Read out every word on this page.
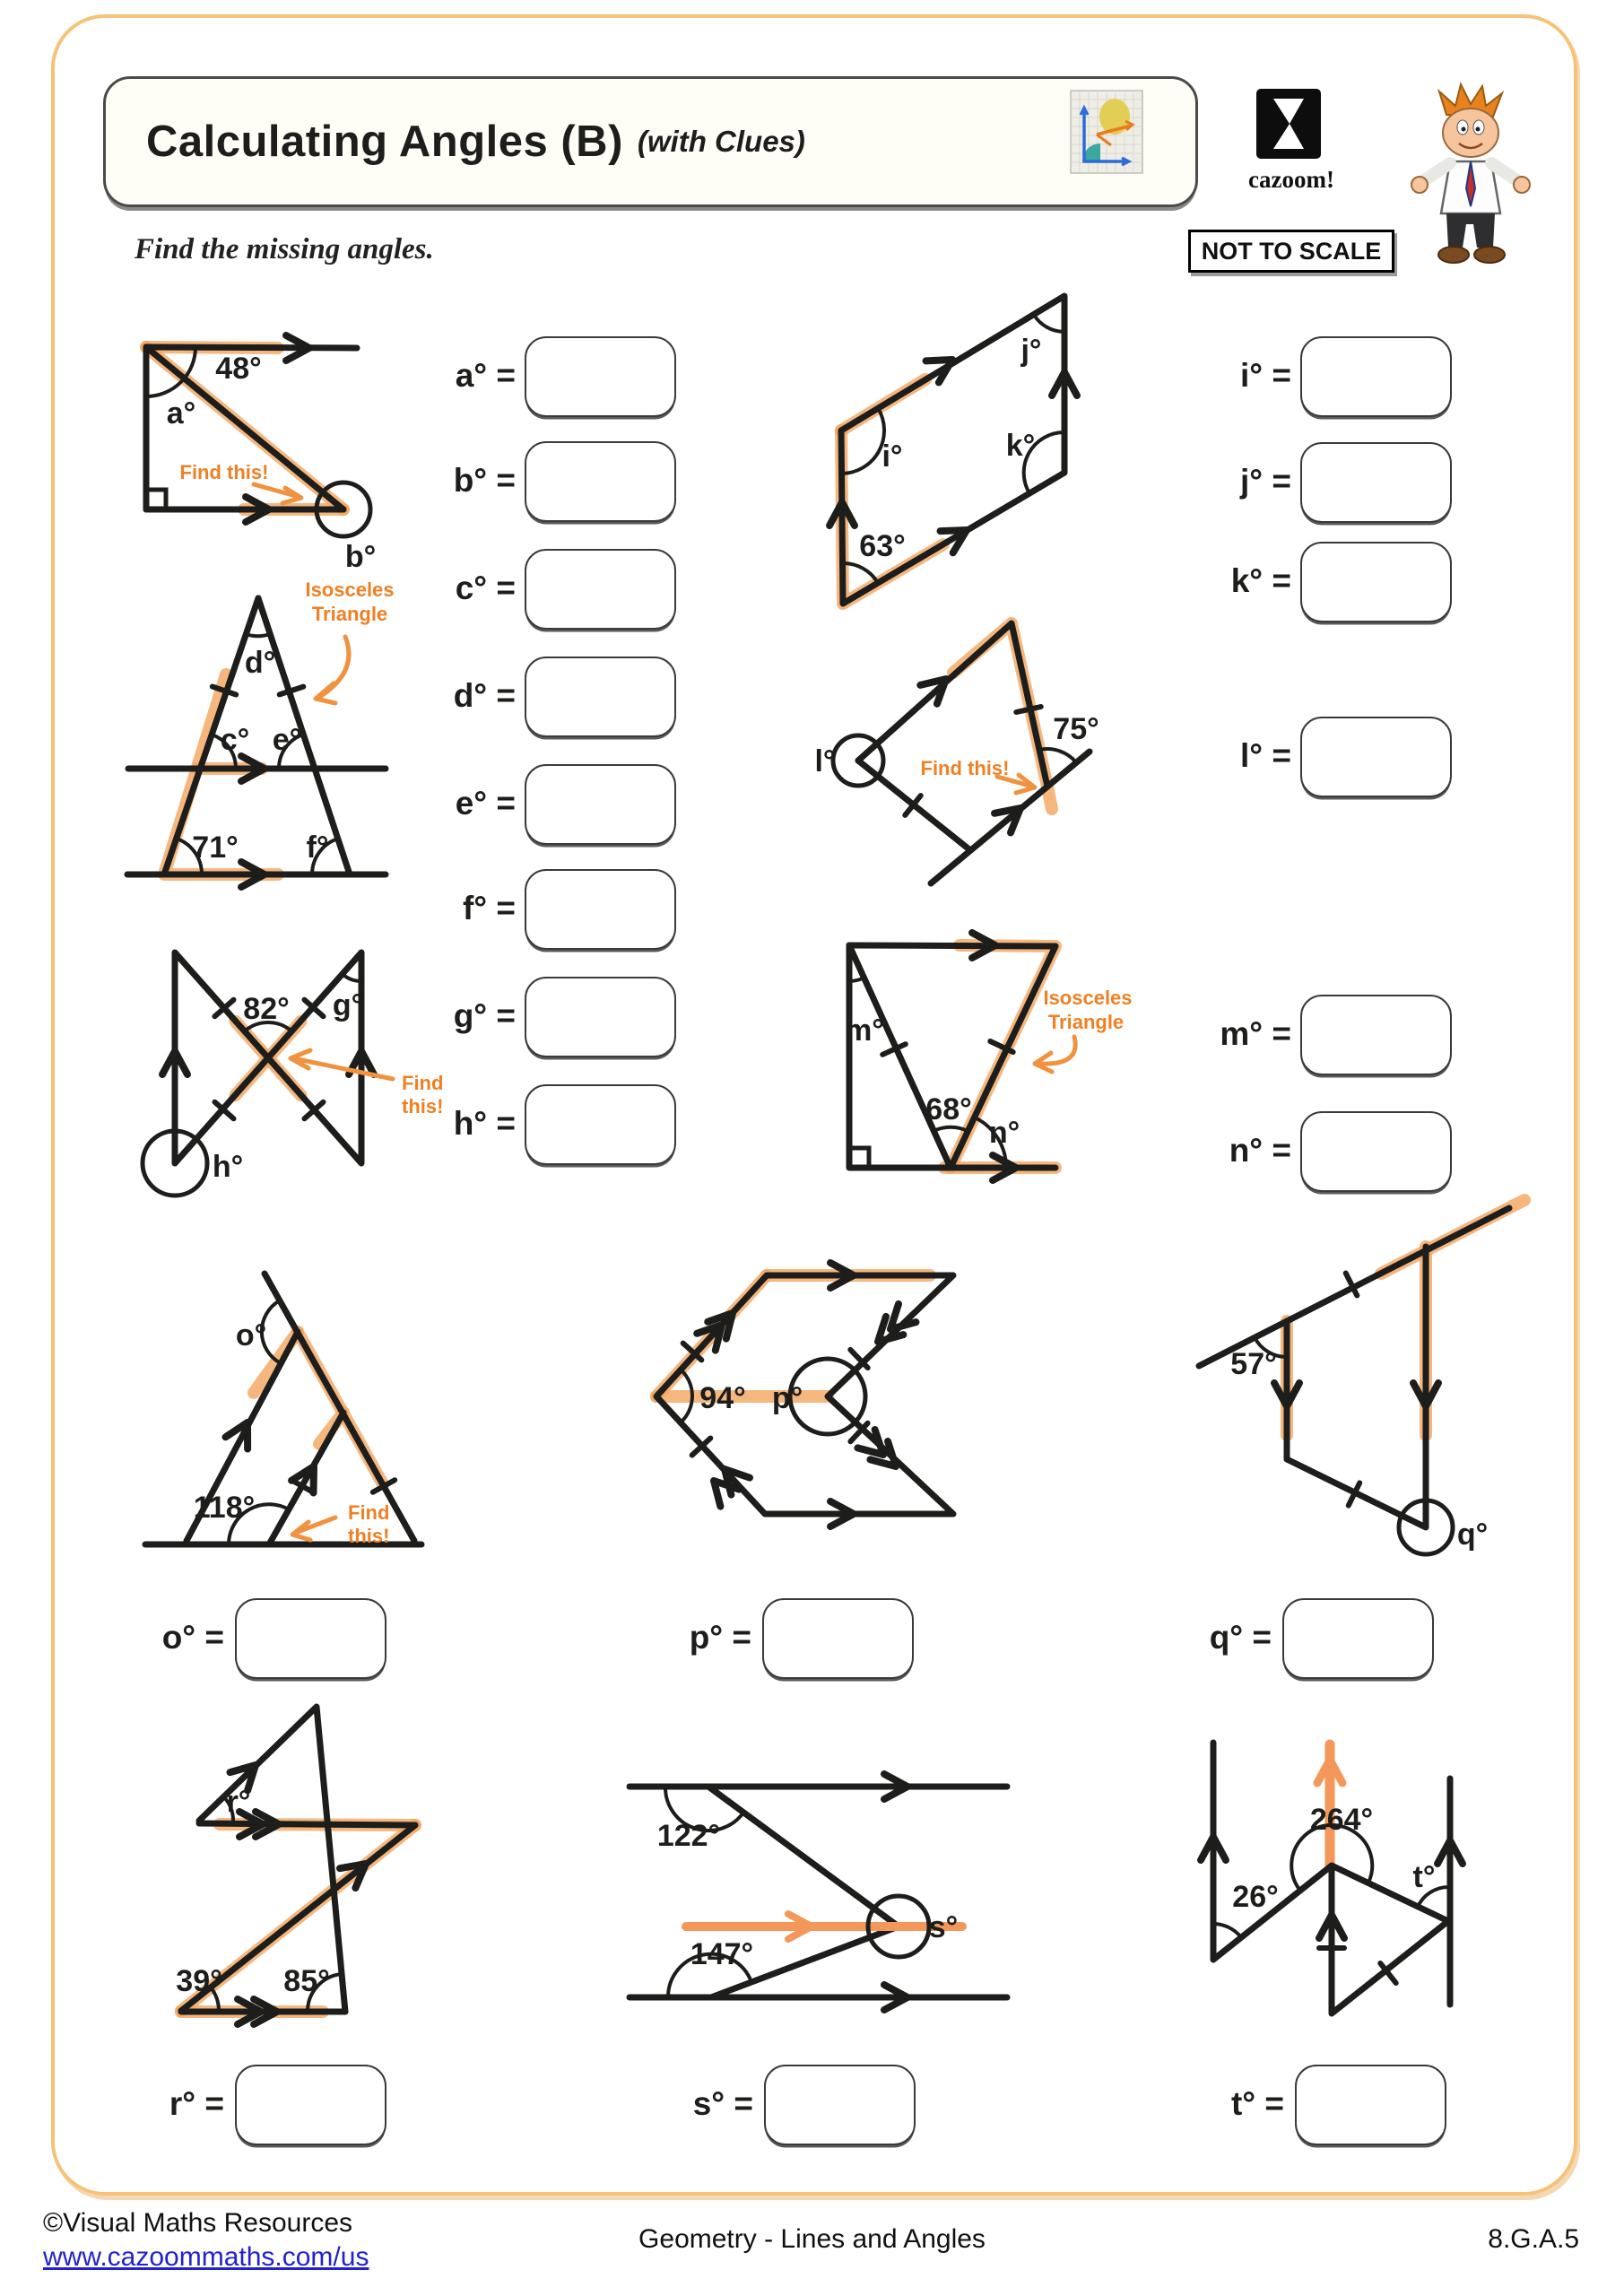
Calculating Angles (B) (with Clues)
cazoom!
Find the missing angles.	NOT TO SCALE
48°
a°
b°
Find this!
d°
c° e°
71° f°
Isosceles
Triangle
82° g°
h°
Find
this!
j°
i°	k°
63°
l°
75°
Find this!
m°
68°
n°
Isosceles
Triangle
o°
118°	Find
this!
94° p°
57°
q°
r°
39° 85°
122°
147°
s°
264°
26°
t°
a° =
b° =
c° =
d° =
e° =
f° =
g° =
h° =
i° =
j° =
k° =
l° =
m° =
n° =
o° =	p° =	q° =
r° =	s° =	t° =
©Visual Maths Resources
www.cazoommaths.com/us
Geometry - Lines and Angles	8.G.A.5
